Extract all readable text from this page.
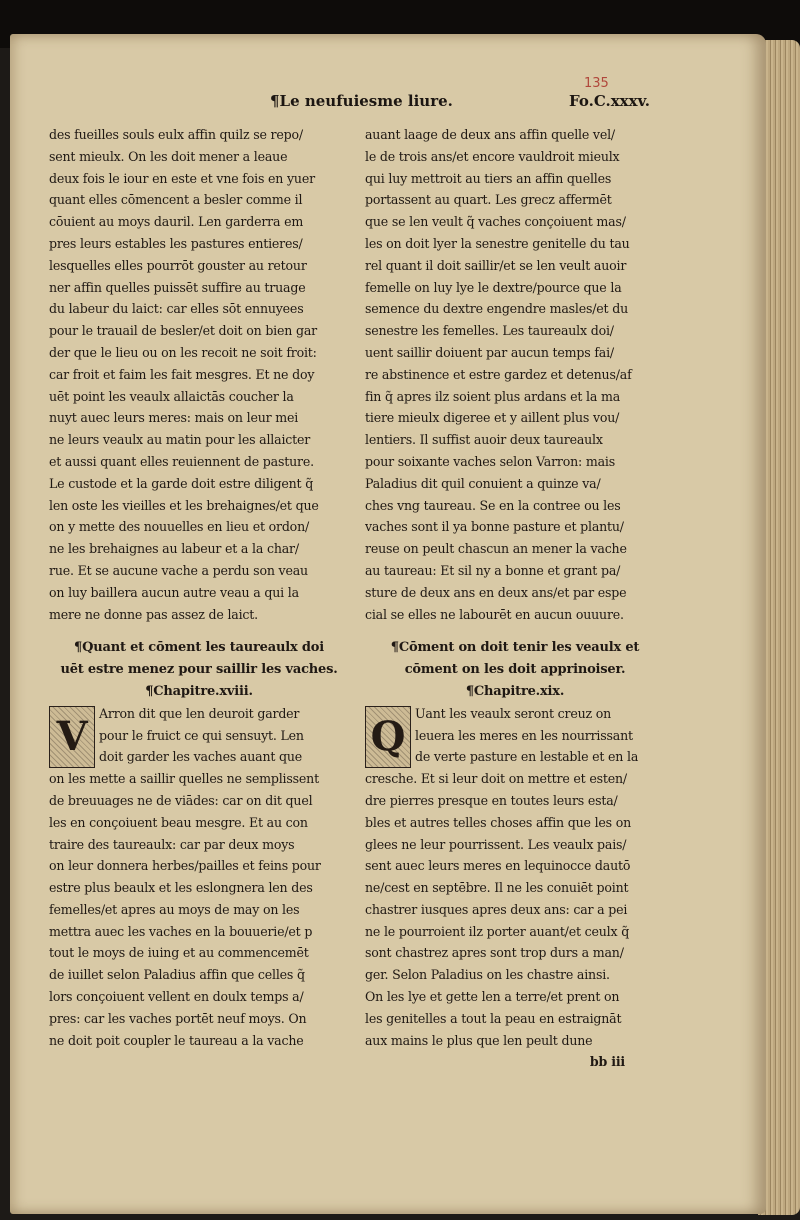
135
¶Le neufuiesme liure.	Fo.C.xxxv.
des fueilles souls eulx affin quilz se repo/
sent mieulx. On les doit mener a leaue
deux fois le iour en este et vne fois en yuer
quant elles cōmencent a besler comme il
cōuient au moys dauril. Len garderra em
pres leurs estables les pastures entieres/
lesquelles elles pourrōt gouster au retour
ner affin quelles puissēt suffire au truage
du labeur du laict: car elles sōt ennuyees
pour le trauail de besler/et doit on bien gar
der que le lieu ou on les recoit ne soit froit:
car froit et faim les fait mesgres. Et ne doy
uēt point les veaulx allaictās coucher la
nuyt auec leurs meres: mais on leur mei
ne leurs veaulx au matin pour les allaicter
et aussi quant elles reuiennent de pasture.
Le custode et la garde doit estre diligent q̃
len oste les vieilles et les brehaignes/et que
on y mette des nouuelles en lieu et ordon/
ne les brehaignes au labeur et a la char/
rue. Et se aucune vache a perdu son veau
on luy baillera aucun autre veau a qui la
mere ne donne pas assez de laict.
¶Quant et cōment les taureaulx doi
uēt estre menez pour saillir les vaches.
¶Chapitre.xviii.
V Arron dit que len deuroit garder
pour le fruict ce qui sensuyt. Len
doit garder les vaches auant que
on les mette a saillir quelles ne semplissent
de breuuages ne de viādes: car on dit quel
les en conçoiuent beau mesgre. Et au con
traire des taureaulx: car par deux moys
on leur donnera herbes/pailles et feins pour
estre plus beaulx et les eslongnera len des
femelles/et apres au moys de may on les
mettra auec les vaches en la bouuerie/et p
tout le moys de iuing et au commencemēt
de iuillet selon Paladius affin que celles q̃
lors conçoiuent vellent en doulx temps a/
pres: car les vaches portēt neuf moys. On
ne doit poit coupler le taureau a la vache
auant laage de deux ans affin quelle vel/
le de trois ans/et encore vauldroit mieulx
qui luy mettroit au tiers an affin quelles
portassent au quart. Les grecz affermēt
que se len veult q̃ vaches conçoiuent mas/
les on doit lyer la senestre genitelle du tau
rel quant il doit saillir/et se len veult auoir
femelle on luy lye le dextre/pource que la
semence du dextre engendre masles/et du
senestre les femelles. Les taureaulx doi/
uent saillir doiuent par aucun temps fai/
re abstinence et estre gardez et detenus/af
fin q̃ apres ilz soient plus ardans et la ma
tiere mieulx digeree et y aillent plus vou/
lentiers. Il suffist auoir deux taureaulx
pour soixante vaches selon Varron: mais
Paladius dit quil conuient a quinze va/
ches vng taureau. Se en la contree ou les
vaches sont il ya bonne pasture et plantu/
reuse on peult chascun an mener la vache
au taureau: Et sil ny a bonne et grant pa/
sture de deux ans en deux ans/et par espe
cial se elles ne labourēt en aucun ouuure.
¶Cōment on doit tenir les veaulx et
cōment on les doit apprinoiser.
¶Chapitre.xix.
Q Uant les veaulx seront creuz on
leuera les meres en les nourrissant
de verte pasture en lestable et en la
cresche. Et si leur doit on mettre et esten/
dre pierres presque en toutes leurs esta/
bles et autres telles choses affin que les on
glees ne leur pourrissent. Les veaulx pais/
sent auec leurs meres en lequinocce dautō
ne/cest en septēbre. Il ne les conuiēt point
chastrer iusques apres deux ans: car a pei
ne le pourroient ilz porter auant/et ceulx q̃
sont chastrez apres sont trop durs a man/
ger. Selon Paladius on les chastre ainsi.
On les lye et gette len a terre/et prent on
les genitelles a tout la peau en estraignāt
aux mains le plus que len peult dune
bb iii
